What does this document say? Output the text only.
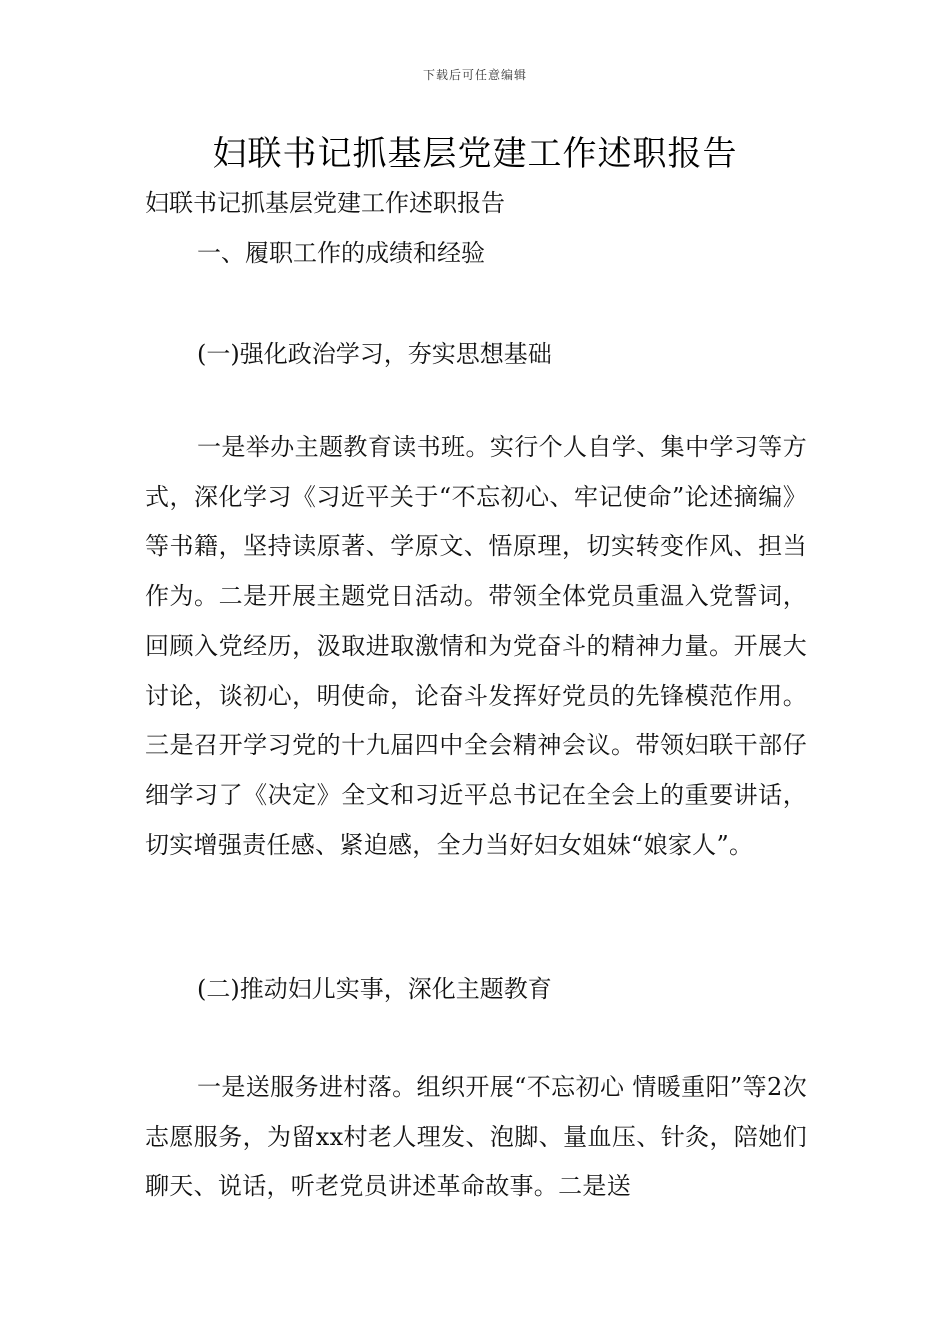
下载后可任意编辑
妇联书记抓基层党建工作述职报告

妇联书记抓基层党建工作述职报告

一、履职工作的成绩和经验

(一)强化政治学习，夯实思想基础

一是举办主题教育读书班。实行个人自学、集中学习等方式，深化学习《习近平关于“不忘初心、牢记使命”论述摘编》等书籍，坚持读原著、学原文、悟原理，切实转变作风、担当作为。二是开展主题党日活动。带领全体党员重温入党誓词，回顾入党经历，汲取进取激情和为党奋斗的精神力量。开展大讨论，谈初心，明使命，论奋斗发挥好党员的先锋模范作用。三是召开学习党的十九届四中全会精神会议。带领妇联干部仔细学习了《决定》全文和习近平总书记在全会上的重要讲话，切实增强责任感、紧迫感，全力当好妇女姐妹“娘家人”。

(二)推动妇儿实事，深化主题教育

一是送服务进村落。组织开展“不忘初心 情暖重阳”等2次志愿服务，为留xx村老人理发、泡脚、量血压、针灸，陪她们聊天、说话，听老党员讲述革命故事。二是送
